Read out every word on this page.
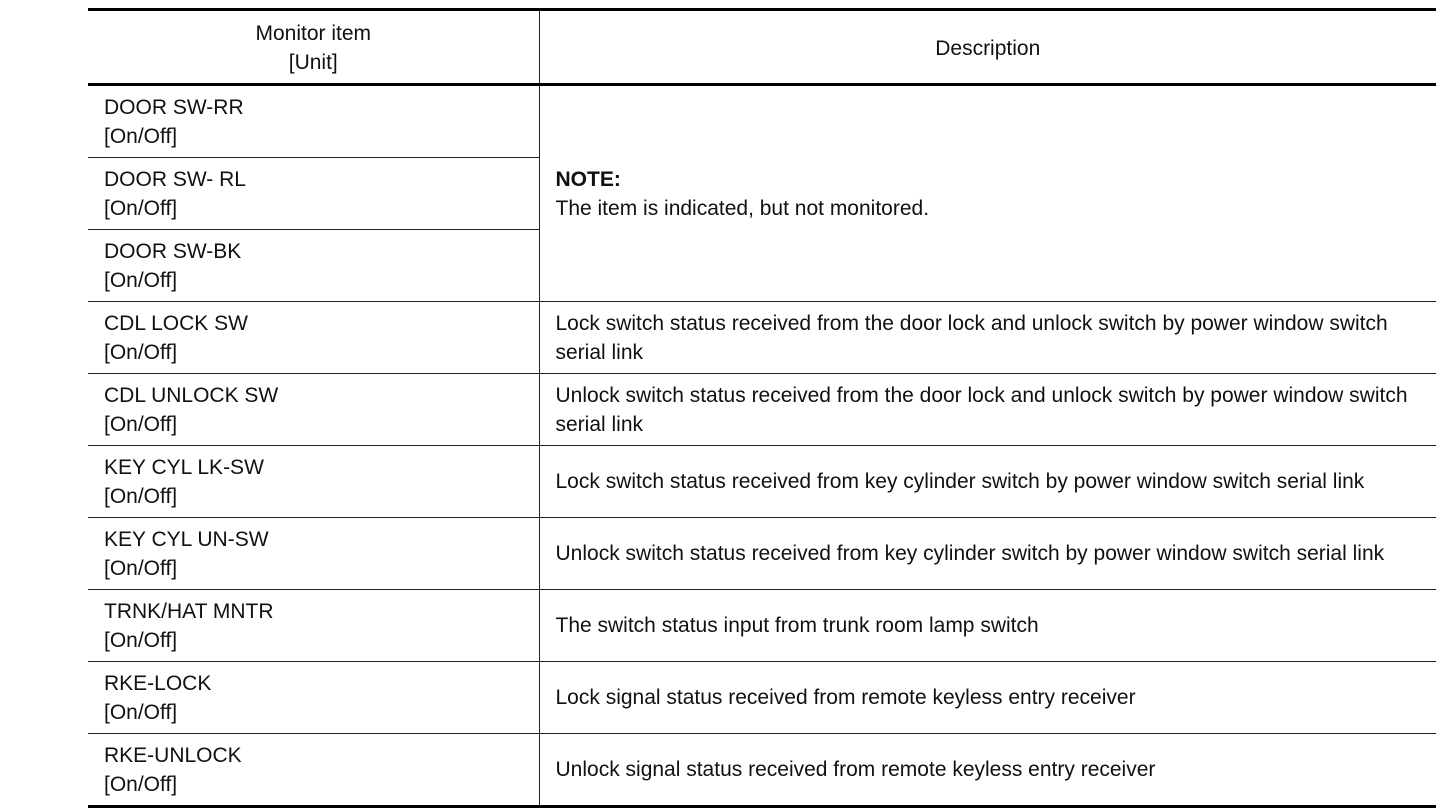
Monitor item
[Unit]	Description

DOOR SW-RR
[On/Off]	NOTE:
The item is indicated, but not monitored.

DOOR SW- RL
[On/Off]	

DOOR SW-BK
[On/Off]	

CDL LOCK SW
[On/Off]	Lock switch status received from the door lock and unlock switch by power window switch serial link

CDL UNLOCK SW
[On/Off]	Unlock switch status received from the door lock and unlock switch by power window switch serial link

KEY CYL LK-SW
[On/Off]	Lock switch status received from key cylinder switch by power window switch serial link

KEY CYL UN-SW
[On/Off]	Unlock switch status received from key cylinder switch by power window switch serial link

TRNK/HAT MNTR
[On/Off]	The switch status input from trunk room lamp switch

RKE-LOCK
[On/Off]	Lock signal status received from remote keyless entry receiver

RKE-UNLOCK
[On/Off]	Unlock signal status received from remote keyless entry receiver
